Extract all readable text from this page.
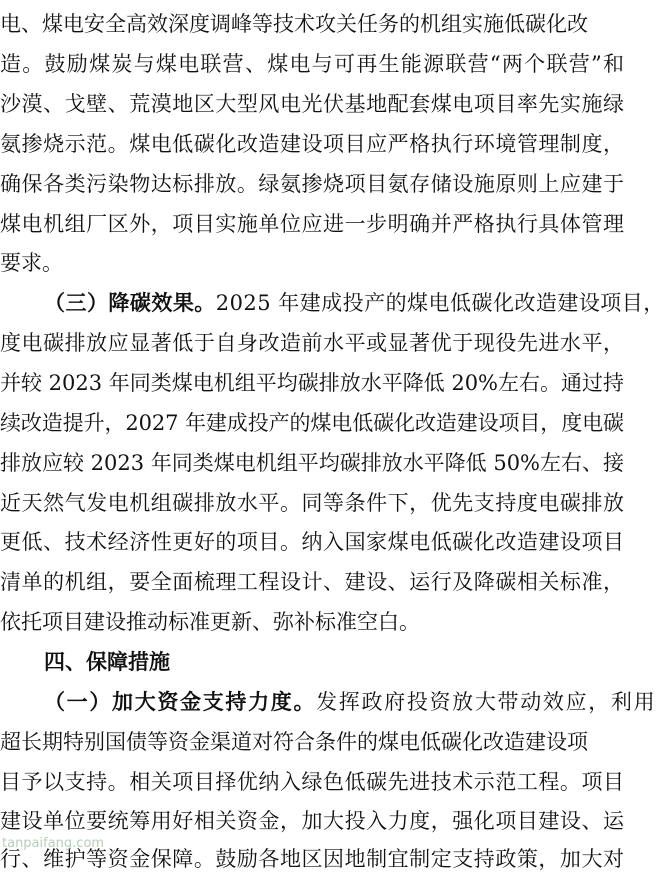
电、煤电安全高效深度调峰等技术攻关任务的机组实施低碳化改
造。鼓励煤炭与煤电联营、煤电与可再生能源联营“两个联营”和
沙漠、戈壁、荒漠地区大型风电光伏基地配套煤电项目率先实施绿
氨掺烧示范。煤电低碳化改造建设项目应严格执行环境管理制度，
确保各类污染物达标排放。绿氨掺烧项目氨存储设施原则上应建于
煤电机组厂区外，项目实施单位应进一步明确并严格执行具体管理
要求。
（三）降碳效果。2025 年建成投产的煤电低碳化改造建设项目，
度电碳排放应显著低于自身改造前水平或显著优于现役先进水平，
并较 2023 年同类煤电机组平均碳排放水平降低 20%左右。通过持
续改造提升，2027 年建成投产的煤电低碳化改造建设项目，度电碳
排放应较 2023 年同类煤电机组平均碳排放水平降低 50%左右、接
近天然气发电机组碳排放水平。同等条件下，优先支持度电碳排放
更低、技术经济性更好的项目。纳入国家煤电低碳化改造建设项目
清单的机组，要全面梳理工程设计、建设、运行及降碳相关标准，
依托项目建设推动标准更新、弥补标准空白。
四、保障措施
（一）加大资金支持力度。发挥政府投资放大带动效应，利用
超长期特别国债等资金渠道对符合条件的煤电低碳化改造建设项
目予以支持。相关项目择优纳入绿色低碳先进技术示范工程。项目
建设单位要统筹用好相关资金，加大投入力度，强化项目建设、运
行、维护等资金保障。鼓励各地区因地制宜制定支持政策，加大对
tanpaifang.com
